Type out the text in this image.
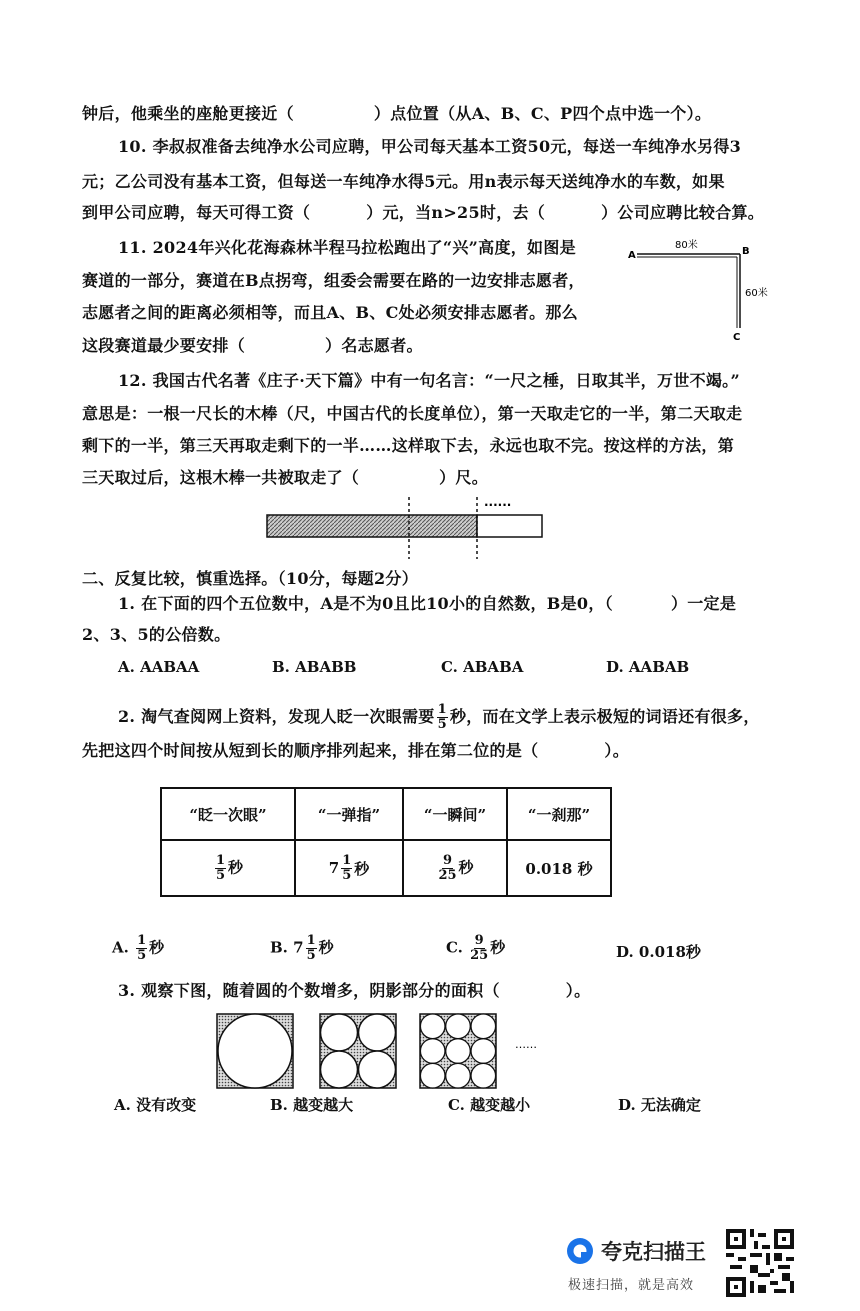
钟后，他乘坐的座舱更接近（	）点位置（从A、B、C、P四个点中选一个）。
10. 李叔叔准备去纯净水公司应聘，甲公司每天基本工资50元，每送一车纯净水另得3
元；乙公司没有基本工资，但每送一车纯净水得5元。用n表示每天送纯净水的车数，如果
到甲公司应聘，每天可得工资（	）元，当n>25时，去（	）公司应聘比较合算。
11. 2024年兴化花海森林半程马拉松跑出了“兴”高度，如图是
赛道的一部分，赛道在B点拐弯，组委会需要在路的一边安排志愿者，
志愿者之间的距离必须相等，而且A、B、C处必须安排志愿者。那么
这段赛道最少要安排（	）名志愿者。
A
80米
B
60米
C
12. 我国古代名著《庄子·天下篇》中有一句名言：“一尺之棰，日取其半，万世不竭。”
意思是：一根一尺长的木棒（尺，中国古代的长度单位），第一天取走它的一半，第二天取走
剩下的一半，第三天再取走剩下的一半……这样取下去，永远也取不完。按这样的方法，第
三天取过后，这根木棒一共被取走了（	）尺。
······
二、反复比较，慎重选择。（10分，每题2分）
1. 在下面的四个五位数中，A是不为0且比10小的自然数，B是0，（	）一定是
2、3、5的公倍数。
A. AABAA	B. ABABB	C. ABABA	D. AABAB
2. 淘气查阅网上资料，发现人眨一次眼需要 $\frac{1}{5}$ 秒，而在文学上表示极短的词语还有很多，
先把这四个时间按从短到长的顺序排列起来，排在第二位的是（	）。
“眨一次眼”	“一弹指”	“一瞬间”	“一刹那”

$\frac{1}{5}$ 秒	$7 \frac{1}{5}$ 秒	$\frac{9}{25}$ 秒	0.018 秒
A. $\frac{1}{5}$ 秒	B. $7 \frac{1}{5}$ 秒	C. $\frac{9}{25}$ 秒	D. 0.018秒
3. 观察下图，随着圆的个数增多，阴影部分的面积（	）。
……
A. 没有改变	B. 越变越大	C. 越变越小	D. 无法确定
夸克扫描王
极速扫描，就是高效
